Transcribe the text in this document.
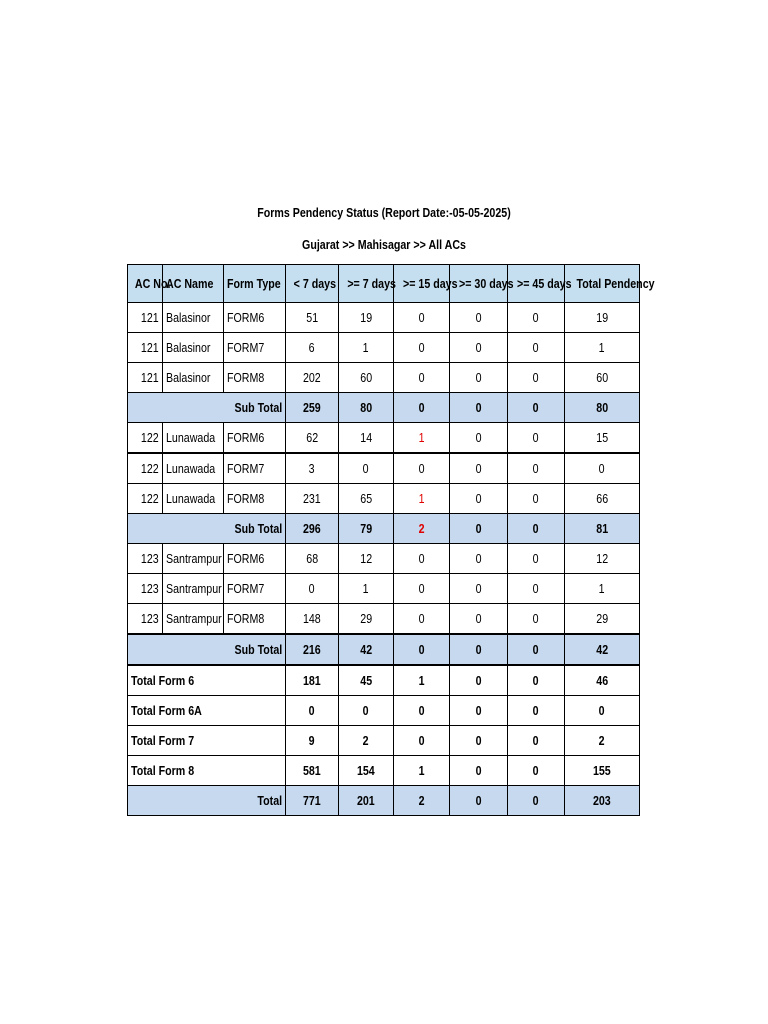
Forms Pendency Status (Report Date:-05-05-2025)
Gujarat >> Mahisagar >> All ACs
AC No.	AC Name	Form Type	< 7 days	>= 7 days	>= 15 days	>= 30 days	>= 45 days	Total Pendency
121	Balasinor	FORM6	51	19	0	0	0	19
121	Balasinor	FORM7	6	1	0	0	0	1
121	Balasinor	FORM8	202	60	0	0	0	60
Sub Total			259	80	0	0	0	80
122	Lunawada	FORM6	62	14	1	0	0	15
122	Lunawada	FORM7	3	0	0	0	0	0
122	Lunawada	FORM8	231	65	1	0	0	66
Sub Total			296	79	2	0	0	81
123	Santrampur	FORM6	68	12	0	0	0	12
123	Santrampur	FORM7	0	1	0	0	0	1
123	Santrampur	FORM8	148	29	0	0	0	29
Sub Total			216	42	0	0	0	42
Total Form 6			181	45	1	0	0	46
Total Form 6A			0	0	0	0	0	0
Total Form 7			9	2	0	0	0	2
Total Form 8			581	154	1	0	0	155
Total			771	201	2	0	0	203
